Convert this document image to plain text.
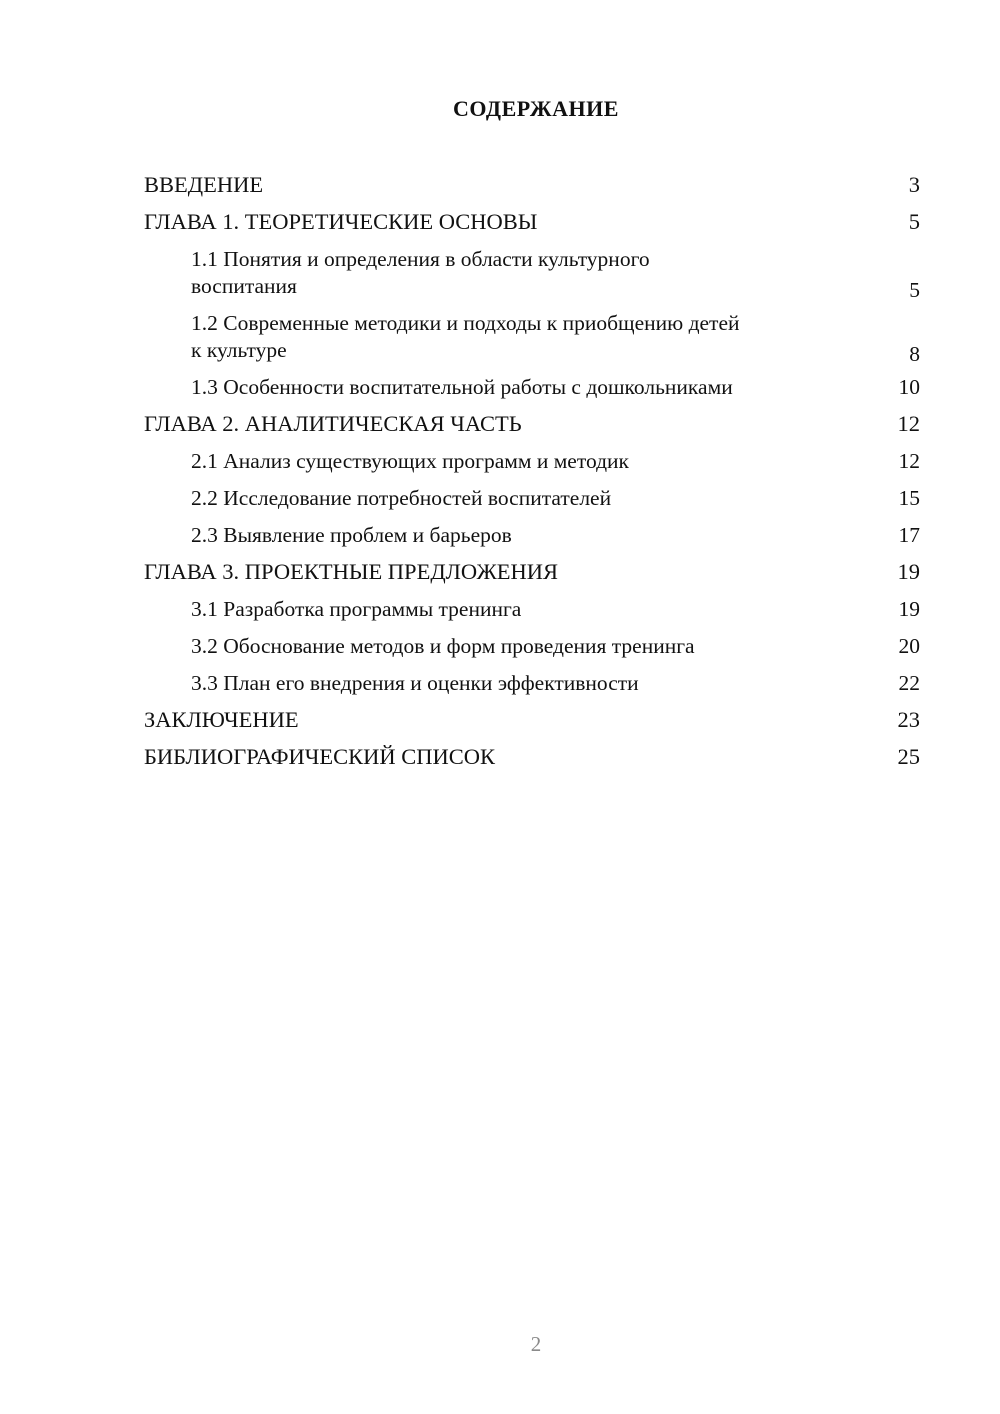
СОДЕРЖАНИЕ
ВВЕДЕНИЕ	3
ГЛАВА 1. ТЕОРЕТИЧЕСКИЕ ОСНОВЫ	5
1.1 Понятия и определения в области культурного
воспитания	5
1.2 Современные методики и подходы к приобщению детей
к культуре	8
1.3 Особенности воспитательной работы с дошкольниками	10
ГЛАВА 2. АНАЛИТИЧЕСКАЯ ЧАСТЬ	12
2.1 Анализ существующих программ и методик	12
2.2 Исследование потребностей воспитателей	15
2.3 Выявление проблем и барьеров	17
ГЛАВА 3. ПРОЕКТНЫЕ ПРЕДЛОЖЕНИЯ	19
3.1 Разработка программы тренинга	19
3.2 Обоснование методов и форм проведения тренинга	20
3.3 План его внедрения и оценки эффективности	22
ЗАКЛЮЧЕНИЕ	23
БИБЛИОГРАФИЧЕСКИЙ СПИСОК	25
2
